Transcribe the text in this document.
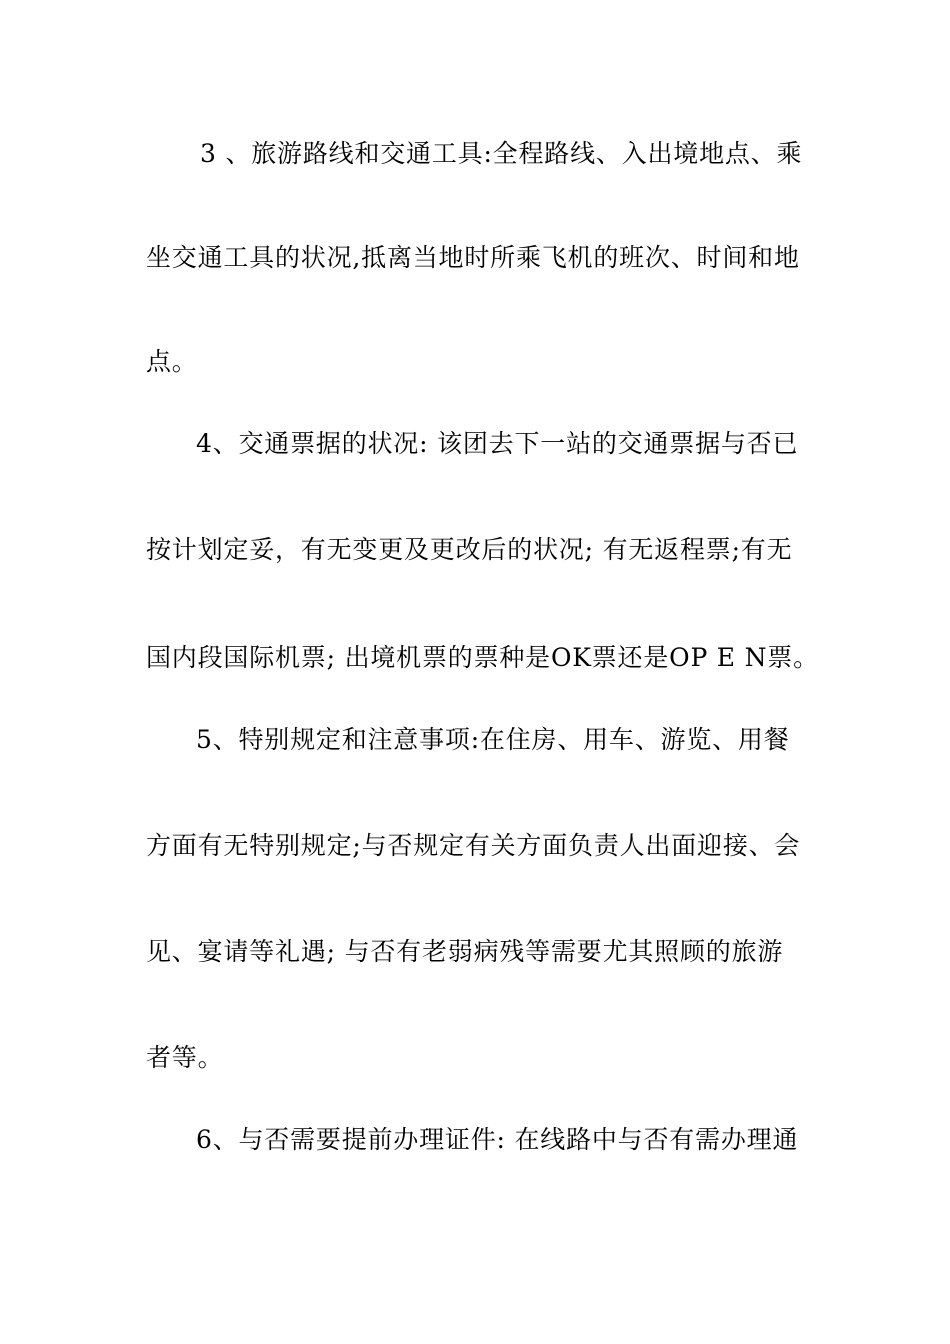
3 、旅游路线和交通工具:全程路线、入出境地点、乘
坐交通工具的状况,抵离当地时所乘飞机的班次、时间和地
点。
4、交通票据的状况: 该团去下一站的交通票据与否已
按计划定妥，有无变更及更改后的状况; 有无返程票;有无
国内段国际机票; 出境机票的票种是OK票还是OP E N票。
5、特别规定和注意事项:在住房、用车、游览、用餐
方面有无特别规定;与否规定有关方面负责人出面迎接、会
见、宴请等礼遇; 与否有老弱病残等需要尤其照顾的旅游
者等。
6、与否需要提前办理证件: 在线路中与否有需办理通
